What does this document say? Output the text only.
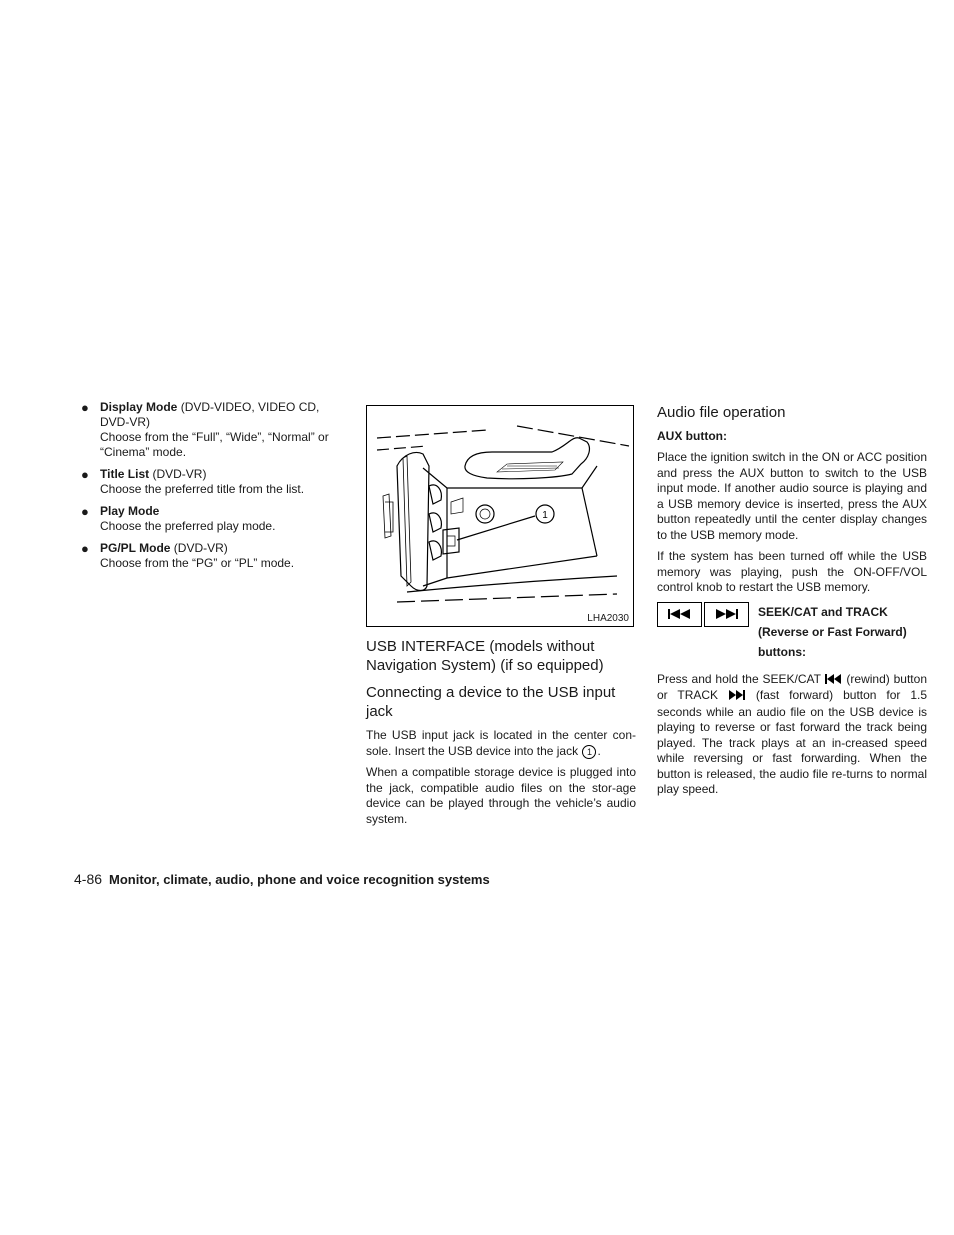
● Display Mode (DVD-VIDEO, VIDEO CD, DVD-VR)
Choose from the “Full”, “Wide”, “Normal” or “Cinema” mode.
● Title List (DVD-VR)
Choose the preferred title from the list.
● Play Mode
Choose the preferred play mode.
● PG/PL Mode (DVD-VR)
Choose from the “PG” or “PL” mode.
1
LHA2030
USB INTERFACE (models without Navigation System) (if so equipped)
Connecting a device to the USB input jack

The USB input jack is located in the center con-sole. Insert the USB device into the jack 1 .

When a compatible storage device is plugged into the jack, compatible audio files on the stor-age device can be played through the vehicle’s audio system.

Audio file operation
AUX button:

Place the ignition switch in the ON or ACC position and press the AUX button to switch to the USB input mode. If another audio source is playing and a USB memory device is inserted, press the AUX button repeatedly until the center display changes to the USB memory mode.

If the system has been turned off while the USB memory was playing, push the ON-OFF/VOL control knob to restart the USB memory.

SEEK/CAT and TRACK (Reverse or Fast Forward) buttons:

Press and hold the SEEK/CAT  (rewind) button or TRACK  (fast forward) button for 1.5 seconds while an audio file on the USB device is playing to reverse or fast forward the track being played. The track plays at an in-creased speed while reversing or fast forwarding. When the button is released, the audio file re-turns to normal play speed.

4-86 Monitor, climate, audio, phone and voice recognition systems
